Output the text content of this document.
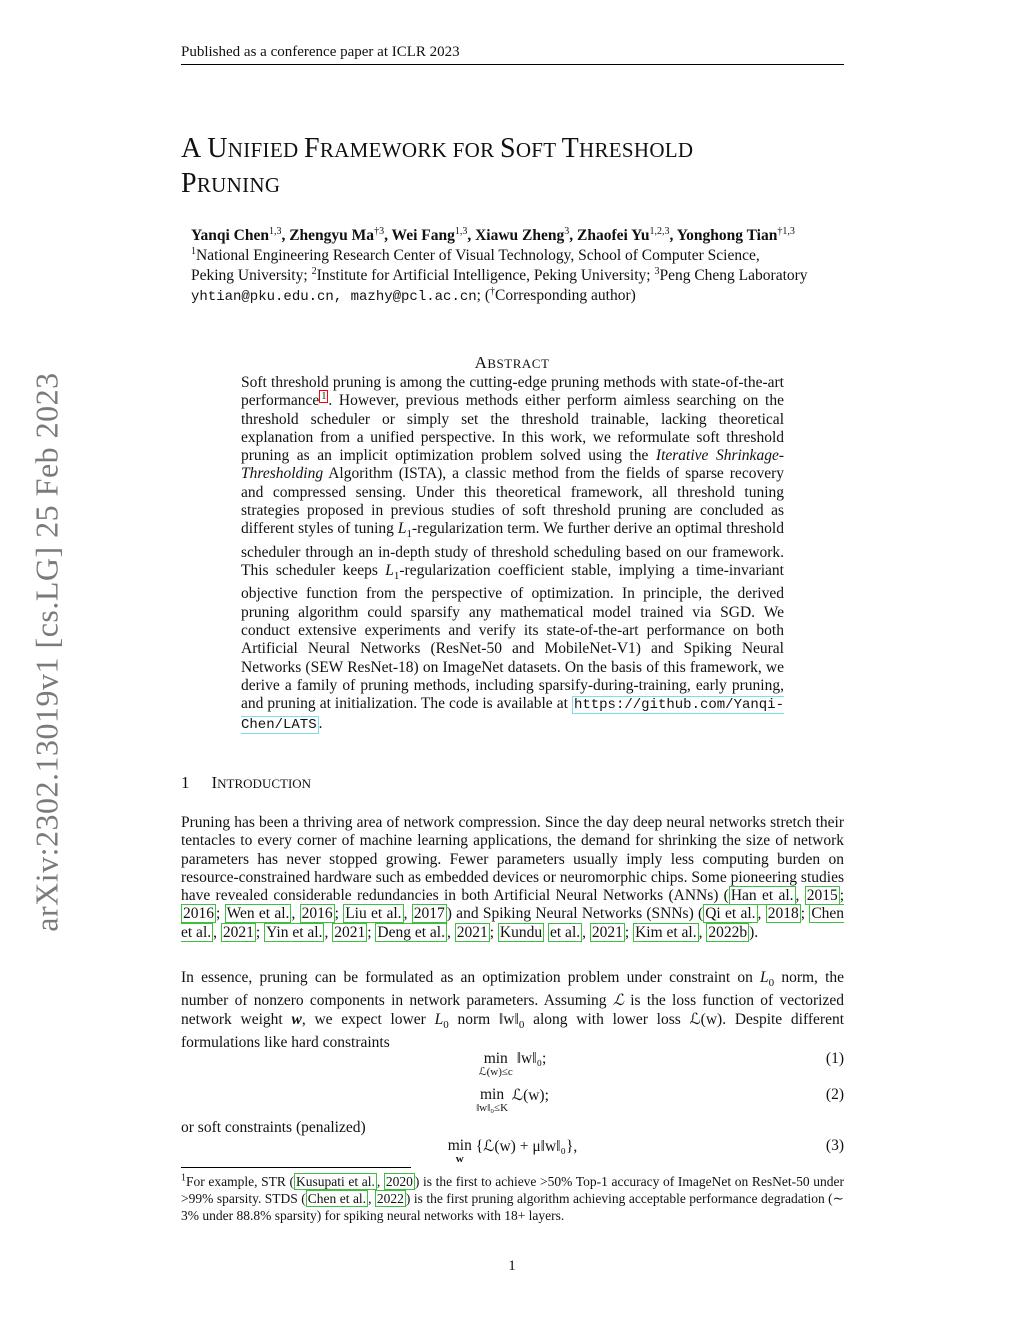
Published as a conference paper at ICLR 2023
arXiv:2302.13019v1 [cs.LG] 25 Feb 2023
A UNIFIED FRAMEWORK FOR SOFT THRESHOLD
PRUNING
Yanqi Chen$^{1,3}$, Zhengyu Ma$^{\dagger 3}$, Wei Fang$^{1,3}$, Xiawu Zheng$^3$, Zhaofei Yu$^{1,2,3}$, Yonghong Tian$^{\dagger 1,3}$
$^1$National Engineering Research Center of Visual Technology, School of Computer Science,
Peking University; $^2$Institute for Artificial Intelligence, Peking University; $^3$Peng Cheng Laboratory
yhtian@pku.edu.cn, mazhy@pcl.ac.cn; (†Corresponding author)
ABSTRACT
Soft threshold pruning is among the cutting-edge pruning methods with state-of-the-art performance $^1$ . However, previous methods either perform aimless searching on the threshold scheduler or simply set the threshold trainable, lacking theoretical explanation from a unified perspective. In this work, we reformulate soft threshold pruning as an implicit optimization problem solved using the Iterative Shrinkage-Thresholding Algorithm (ISTA), a classic method from the fields of sparse recovery and compressed sensing. Under this theoretical framework, all threshold tuning strategies proposed in previous studies of soft threshold pruning are concluded as different styles of tuning $L_1$-regularization term. We further derive an optimal threshold scheduler through an in-depth study of threshold scheduling based on our framework. This scheduler keeps $L_1$-regularization coefficient stable, implying a time-invariant objective function from the perspective of optimization. In principle, the derived pruning algorithm could sparsify any mathematical model trained via SGD. We conduct extensive experiments and verify its state-of-the-art performance on both Artificial Neural Networks (ResNet-50 and MobileNet-V1) and Spiking Neural Networks (SEW ResNet-18) on ImageNet datasets. On the basis of this framework, we derive a family of pruning methods, including sparsify-during-training, early pruning, and pruning at initialization. The code is available at https://github.com/Yanqi-Chen/LATS .
1 INTRODUCTION
Pruning has been a thriving area of network compression. Since the day deep neural networks stretch their tentacles to every corner of machine learning applications, the demand for shrinking the size of network parameters has never stopped growing. Fewer parameters usually imply less computing burden on resource-constrained hardware such as embedded devices or neuromorphic chips. Some pioneering studies have revealed considerable redundancies in both Artificial Neural Networks (ANNs) ( Han et al. , 2015 ; 2016 ; Wen et al. , 2016 ; Liu et al. , 2017 ) and Spiking Neural Networks (SNNs) ( Qi et al. , 2018 ; Chen et al. , 2021 ; Yin et al. , 2021 ; Deng et al. , 2021 ; Kundu et al. , 2021 ; Kim et al. , 2022b ).
In essence, pruning can be formulated as an optimization problem under constraint on $L_0$ norm, the number of nonzero components in network parameters. Assuming ℒ is the loss function of vectorized network weight w, we expect lower $L_0$ norm $‖w‖_0$ along with lower loss ℒ(w). Despite different formulations like hard constraints
min
$^{ℒ(w)\le c}$ ‖w‖₀;	(1)
min
$^{‖w‖_0\le K}$ ℒ(w);	(2)
or soft constraints (penalized)
min
$^w$ {ℒ(w) + μ‖w‖₀},	(3)
$^1$For example, STR ( Kusupati et al. , 2020 ) is the first to achieve >50% Top-1 accuracy of ImageNet on ResNet-50 under >99% sparsity. STDS ( Chen et al. , 2022 ) is the first pruning algorithm achieving acceptable performance degradation (∼ 3% under 88.8% sparsity) for spiking neural networks with 18+ layers.
1
